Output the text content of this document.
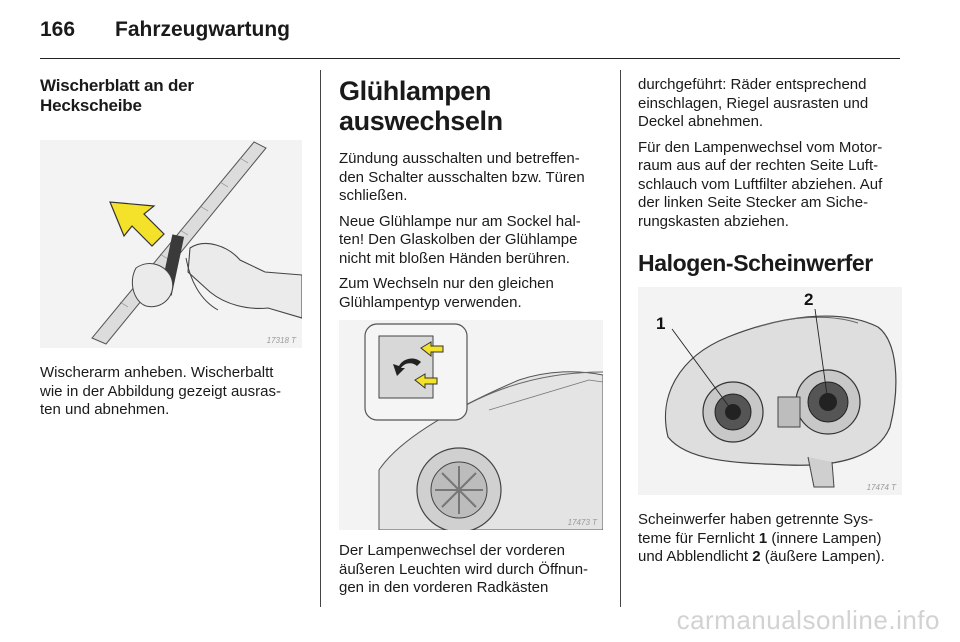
166	Fahrzeugwartung
Wischerblatt an der
Heckscheibe
17318 T

Wischerarm anheben. Wischerbaltt
wie in der Abbildung gezeigt ausras-
ten und abnehmen.

Glühlampen
auswechseln

Zündung ausschalten und betreffen-
den Schalter ausschalten bzw. Türen
schließen.

Neue Glühlampe nur am Sockel hal-
ten! Den Glaskolben der Glühlampe
nicht mit bloßen Händen berühren.

Zum Wechseln nur den gleichen
Glühlampentyp verwenden.

17473 T

Der Lampenwechsel der vorderen
äußeren Leuchten wird durch Öffnun-
gen in den vorderen Radkästen

durchgeführt: Räder entsprechend
einschlagen, Riegel ausrasten und
Deckel abnehmen.

Für den Lampenwechsel vom Motor-
raum aus auf der rechten Seite Luft-
schlauch vom Luftfilter abziehen. Auf
der linken Seite Stecker am Siche-
rungskasten abziehen.

Halogen-Scheinwerfer
1
2
17474 T

Scheinwerfer haben getrennte Sys-
teme für Fernlicht 1 (innere Lampen)
und Abblendlicht 2 (äußere Lampen).

carmanualsonline.info
